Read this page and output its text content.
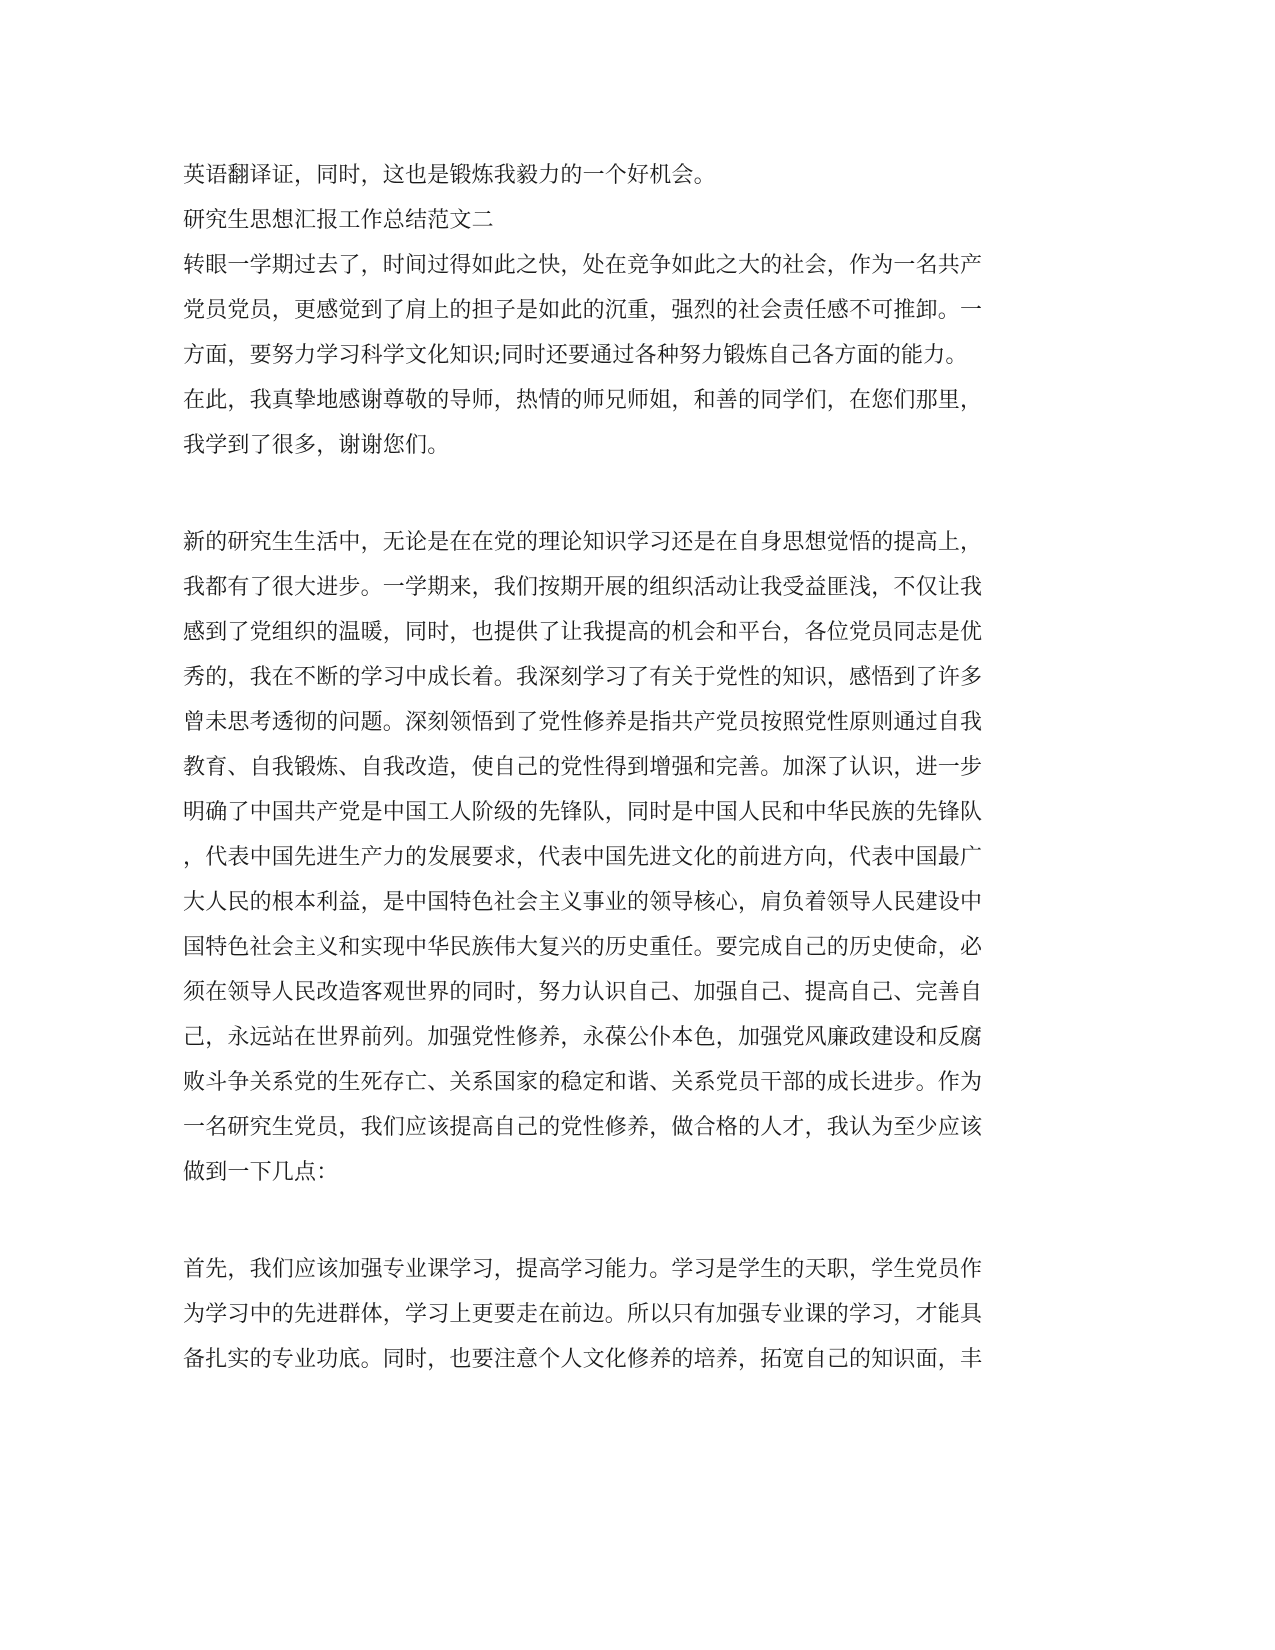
英语翻译证，同时，这也是锻炼我毅力的一个好机会。
研究生思想汇报工作总结范文二
转眼一学期过去了，时间过得如此之快，处在竞争如此之大的社会，作为一名共产
党员党员，更感觉到了肩上的担子是如此的沉重，强烈的社会责任感不可推卸。一
方面，要努力学习科学文化知识;同时还要通过各种努力锻炼自己各方面的能力。
在此，我真挚地感谢尊敬的导师，热情的师兄师姐，和善的同学们，在您们那里，
我学到了很多，谢谢您们。
新的研究生生活中，无论是在在党的理论知识学习还是在自身思想觉悟的提高上，
我都有了很大进步。一学期来，我们按期开展的组织活动让我受益匪浅，不仅让我
感到了党组织的温暖，同时，也提供了让我提高的机会和平台，各位党员同志是优
秀的，我在不断的学习中成长着。我深刻学习了有关于党性的知识，感悟到了许多
曾未思考透彻的问题。深刻领悟到了党性修养是指共产党员按照党性原则通过自我
教育、自我锻炼、自我改造，使自己的党性得到增强和完善。加深了认识，进一步
明确了中国共产党是中国工人阶级的先锋队，同时是中国人民和中华民族的先锋队
，代表中国先进生产力的发展要求，代表中国先进文化的前进方向，代表中国最广
大人民的根本利益，是中国特色社会主义事业的领导核心，肩负着领导人民建设中
国特色社会主义和实现中华民族伟大复兴的历史重任。要完成自己的历史使命，必
须在领导人民改造客观世界的同时，努力认识自己、加强自己、提高自己、完善自
己，永远站在世界前列。加强党性修养，永葆公仆本色，加强党风廉政建设和反腐
败斗争关系党的生死存亡、关系国家的稳定和谐、关系党员干部的成长进步。作为
一名研究生党员，我们应该提高自己的党性修养，做合格的人才，我认为至少应该
做到一下几点：
首先，我们应该加强专业课学习，提高学习能力。学习是学生的天职，学生党员作
为学习中的先进群体，学习上更要走在前边。所以只有加强专业课的学习，才能具
备扎实的专业功底。同时，也要注意个人文化修养的培养，拓宽自己的知识面，丰
